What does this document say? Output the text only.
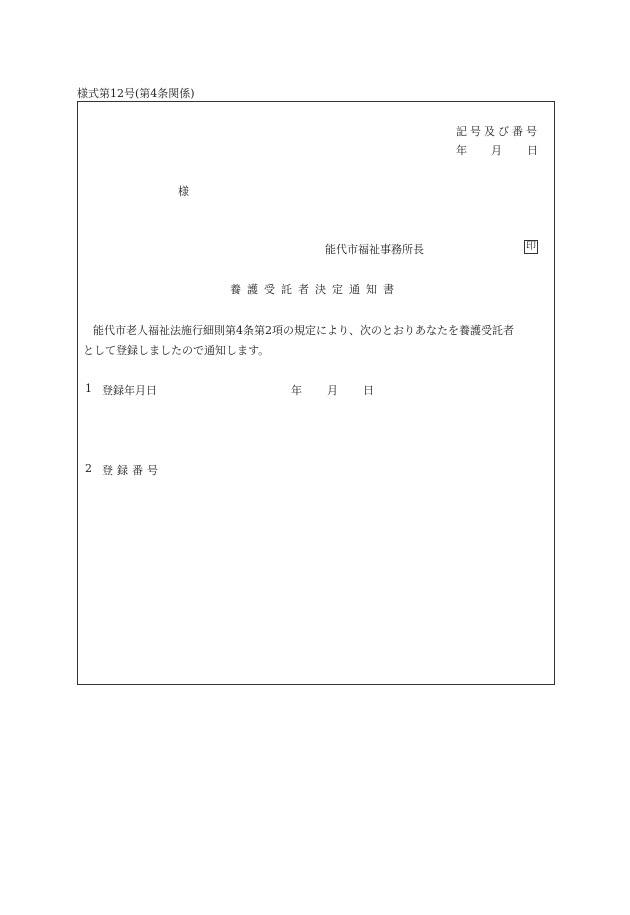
様式第12号(第4条関係)
記号及び番号
年 月 日
様
能代市福祉事務所長	印
養護受託者決定通知書
能代市老人福祉法施行細則第4条第2項の規定により、次のとおりあなたを養護受託者
として登録しましたので通知します。
1 登録年月日	年 月 日
2 登録番号
